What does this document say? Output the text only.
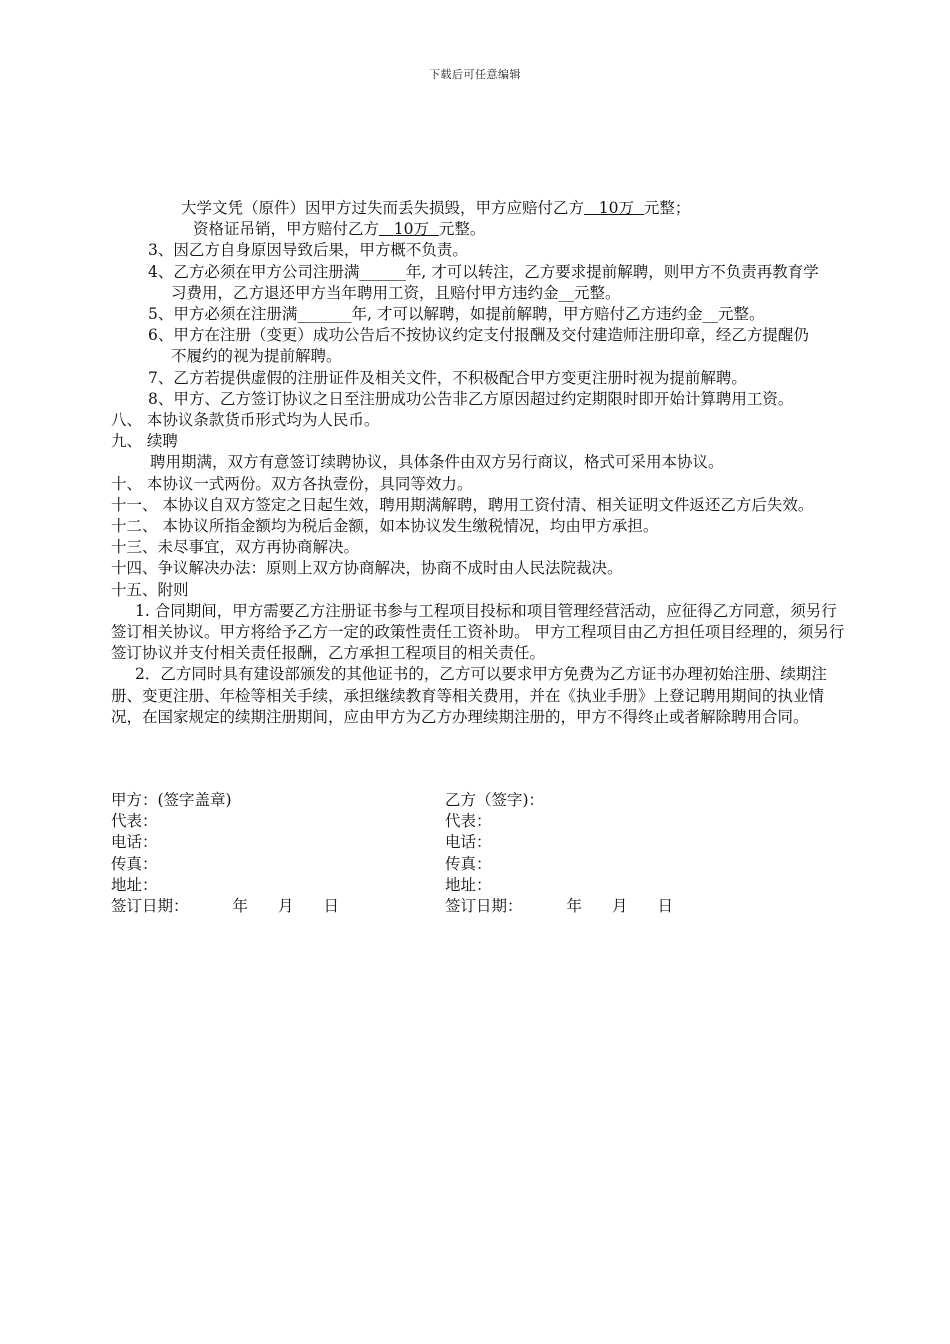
下载后可任意编辑
大学文凭（原件）因甲方过失而丢失损毁，甲方应赔付乙方 10万 元整；
资格证吊销，甲方赔付乙方 10万 元整。
3、因乙方自身原因导致后果，甲方概不负责。
4、乙方必须在甲方公司注册满______年, 才可以转注，乙方要求提前解聘，则甲方不负责再教育学
习费用，乙方退还甲方当年聘用工资，且赔付甲方违约金__元整。
5、甲方必须在注册满_______年, 才可以解聘，如提前解聘，甲方赔付乙方违约金__元整。
6、甲方在注册（变更）成功公告后不按协议约定支付报酬及交付建造师注册印章，经乙方提醒仍
不履约的视为提前解聘。
7、乙方若提供虚假的注册证件及相关文件，不积极配合甲方变更注册时视为提前解聘。
8、甲方、乙方签订协议之日至注册成功公告非乙方原因超过约定期限时即开始计算聘用工资。
八、 本协议条款货币形式均为人民币。
九、 续聘
聘用期满，双方有意签订续聘协议，具体条件由双方另行商议，格式可采用本协议。
十、 本协议一式两份。双方各执壹份，具同等效力。
十一、 本协议自双方签定之日起生效，聘用期满解聘，聘用工资付清、相关证明文件返还乙方后失效。
十二、 本协议所指金额均为税后金额，如本协议发生缴税情况，均由甲方承担。
十三、未尽事宜，双方再协商解决。
十四、争议解决办法：原则上双方协商解决，协商不成时由人民法院裁决。
十五、附则
1. 合同期间，甲方需要乙方注册证书参与工程项目投标和项目管理经营活动，应征得乙方同意，须另行签订相关协议。甲方将给予乙方一定的政策性责任工资补助。 甲方工程项目由乙方担任项目经理的，须另行签订协议并支付相关责任报酬，乙方承担工程项目的相关责任。
2．乙方同时具有建设部颁发的其他证书的，乙方可以要求甲方免费为乙方证书办理初始注册、续期注册、变更注册、年检等相关手续，承担继续教育等相关费用，并在《执业手册》上登记聘用期间的执业情况，在国家规定的续期注册期间，应由甲方为乙方办理续期注册的，甲方不得终止或者解除聘用合同。
甲方：(签字盖章)
代表：
电话：
传真：
地址：
签订日期：	年 月 日
乙方（签字)：
代表：
电话：
传真：
地址：
签订日期：	年 月 日
